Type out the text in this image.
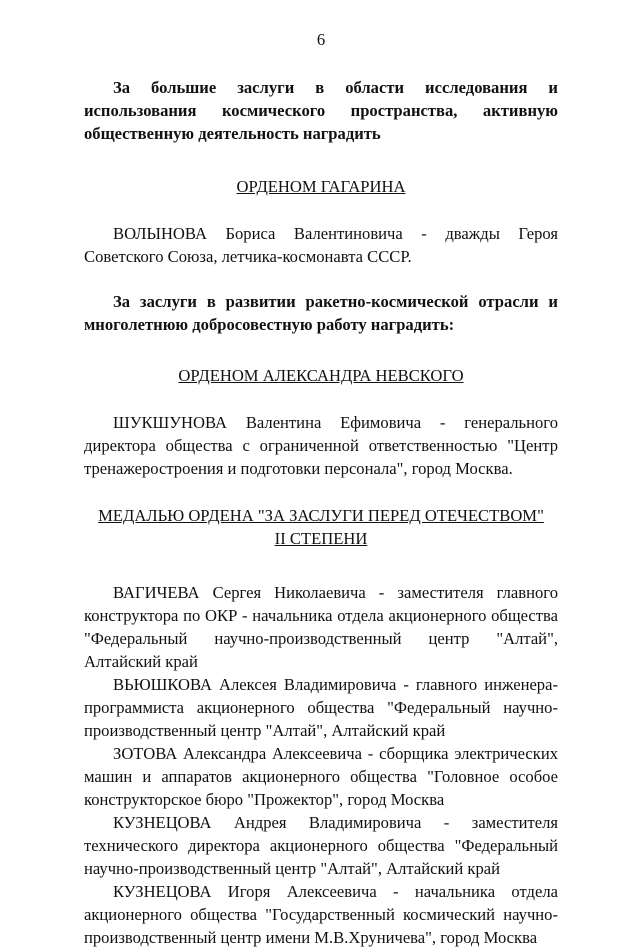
6

За большие заслуги в области исследования и использования космического пространства, активную общественную деятельность наградить

ОРДЕНОМ ГАГАРИНА

ВОЛЫНОВА Бориса Валентиновича - дважды Героя Советского Союза, летчика-космонавта СССР.

За заслуги в развитии ракетно-космической отрасли и многолетнюю добросовестную работу наградить:

ОРДЕНОМ АЛЕКСАНДРА НЕВСКОГО

ШУКШУНОВА Валентина Ефимовича - генерального директора общества с ограниченной ответственностью "Центр тренажеростроения и подготовки персонала", город Москва.

МЕДАЛЬЮ ОРДЕНА "ЗА ЗАСЛУГИ ПЕРЕД ОТЕЧЕСТВОМ"

II СТЕПЕНИ

ВАГИЧЕВА Сергея Николаевича - заместителя главного конструктора по ОКР - начальника отдела акционерного общества "Федеральный научно-производственный центр "Алтай", Алтайский край

ВЬЮШКОВА Алексея Владимировича - главного инженера-программиста акционерного общества "Федеральный научно-производственный центр "Алтай", Алтайский край

ЗОТОВА Александра Алексеевича - сборщика электрических машин и аппаратов акционерного общества "Головное особое конструкторское бюро "Прожектор", город Москва

КУЗНЕЦОВА Андрея Владимировича - заместителя технического директора акционерного общества "Федеральный научно-производственный центр "Алтай", Алтайский край

КУЗНЕЦОВА Игоря Алексеевича - начальника отдела акционерного общества "Государственный космический научно-производственный центр имени М.В.Хруничева", город Москва
